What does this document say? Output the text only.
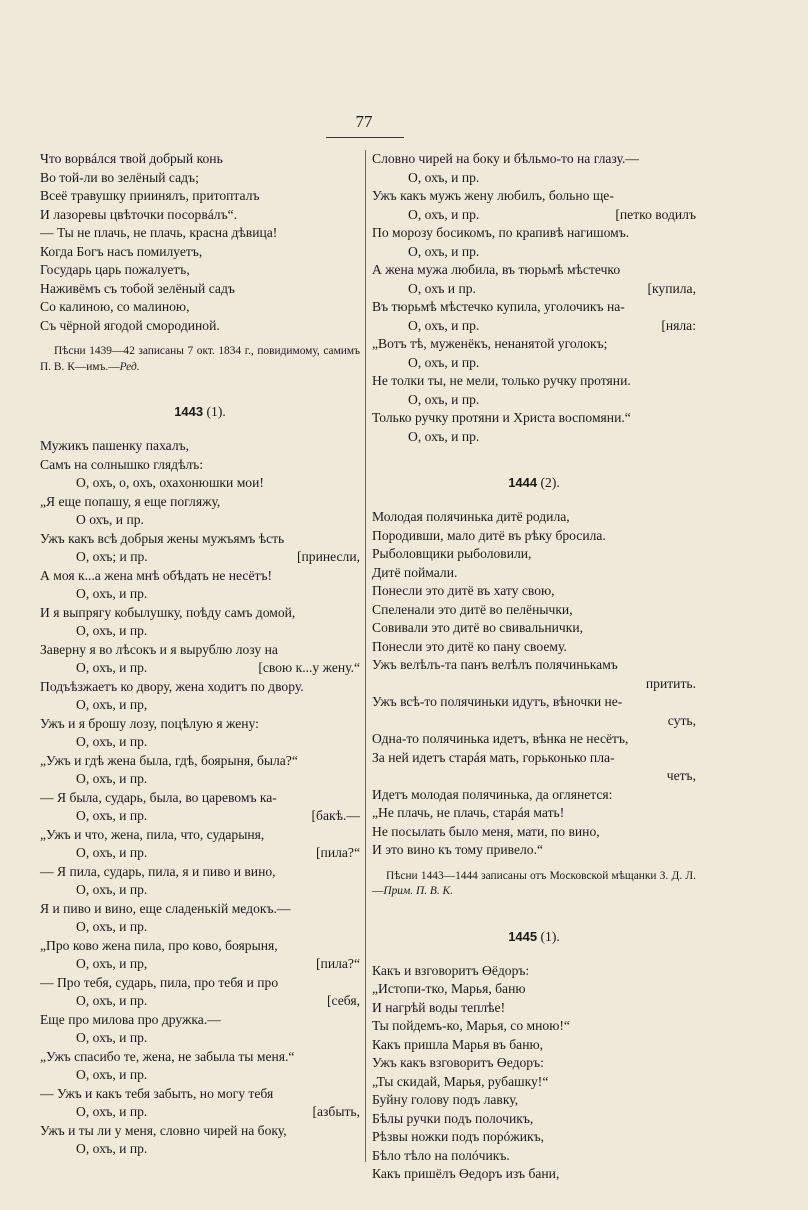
77
Что ворвáлся твой добрый конь
Во той-ли во зелёный садъ;
Всеё травушку приинялъ, притопталъ
И лазоревы цвѣточки посорвáлъ“.
— Ты не плачь, не плачь, красна дѣвица!
Когда Богъ насъ помилуетъ,
Государь царь пожалуетъ,
Наживёмъ съ тобой зелёный садъ
Со калиною, со малиною,
Съ чёрной ягодой смородиной.

Пѣсни 1439—42 записаны 7 окт. 1834 г., повидимому, самимъ П. В. К—имъ.—Ред.

1443 (1).
Мужикъ пашенку пахалъ,
Самъ на солнышко глядѣлъ:
О, охъ, о, охъ, охахонюшки мои!
„Я еще попашу, я еще погляжу,
О охъ, и пр.
Ужъ какъ всѣ добрыя жены мужъямъ ѣсть
О, охъ; и пр.	[принесли,
А моя к...а жена мнѣ обѣдать не несётъ!
О, охъ, и пр.
И я выпрягу кобылушку, поѣду самъ домой,
О, охъ, и пр.
Заверну я во лѣсокъ и я вырублю лозу на
О, охъ, и пр.	[свою к...у жену.“
Подъѣзжаетъ ко двору, жена ходитъ по двору.
О, охъ, и пр,
Ужъ и я брошу лозу, поцѣлую я жену:
О, охъ, и пр.
„Ужъ и гдѣ жена была, гдѣ, боярыня, была?“
О, охъ, и пр.
— Я была, сударь, была, во царевомъ ка-
О, охъ, и пр.	[бакѣ.—
„Ужъ и что, жена, пила, что, сударыня,
О, охъ, и пр.	[пила?“
— Я пила, сударь, пила, я и пиво и вино,
О, охъ, и пр.
Я и пиво и вино, еще сладенькій медокъ.—
О, охъ, и пр.
„Про ково жена пила, про ково, боярыня,
О, охъ, и пр,	[пила?“
— Про тебя, сударь, пила, про тебя и про
О, охъ, и пр.	[себя,
Еще про милова про дружка.—
О, охъ, и пр.
„Ужъ спасибо те, жена, не забыла ты меня.“
О, охъ, и пр.
— Ужъ и какъ тебя забыть, но могу тебя
О, охъ, и пр.	[азбыть,
Ужъ и ты ли у меня, словно чирей на боку,
О, охъ, и пр.
Словно чирей на боку и бѣльмо-то на глазу.—
О, охъ, и пр.
Ужъ какъ мужъ жену любилъ, больно ще-
О, охъ, и пр.	[петко водилъ
По морозу босикомъ, по крапивѣ нагишомъ.
О, охъ, и пр.
А жена мужа любила, въ тюрьмѣ мѣстечко
О, охъ и пр.	[купила,
Въ тюрьмѣ мѣстечко купила, уголочикъ на-
О, охъ, и пр.	[няла:
„Вотъ тѣ, муженёкъ, ненанятой уголокъ;
О, охъ, и пр.
Не толки ты, не мели, только ручку протяни.
О, охъ, и пр.
Только ручку протяни и Христа воспомяни.“
О, охъ, и пр.
1444 (2).
Молодая полячинька дитё родила,
Породивши, мало дитё въ рѣку бросила.
Рыболовщики рыболовили,
Дитё поймали.
Понесли это дитё въ хату свою,
Спеленали это дитё во пелёнычки,
Совивали это дитё во свивальнички,
Понесли это дитё ко пану своему.
Ужъ велѣлъ-та панъ велѣлъ полячинькамъ
притить.
Ужъ всѣ-то полячиньки идутъ, вѣночки не-
суть,
Одна-то полячинька идетъ, вѣнка не несётъ,
За ней идетъ старáя мать, горьконько пла-
четъ,
Идетъ молодая полячинька, да оглянется:
„Не плачь, не плачь, старáя мать!
Не посылать было меня, мати, по вино,
И это вино къ тому привело.“

Пѣсни 1443—1444 записаны отъ Московской мѣщанки З. Д. Л.—Прим. П. В. К.

1445 (1).
Какъ и взговоритъ Өёдоръ:
„Истопи-тко, Марья, баню
И нагрѣй воды теплѣе!
Ты пойдемъ-ко, Марья, со мною!“
Какъ пришла Марья въ баню,
Ужъ какъ взговоритъ Өедоръ:
„Ты скидай, Марья, рубашку!“
Буйну голову подъ лавку,
Бѣлы ручки подъ полочикъ,
Рѣзвы ножки подъ порóжикъ,
Бѣло тѣло на полóчикъ.
Какъ пришёлъ Өедоръ изъ бани,
